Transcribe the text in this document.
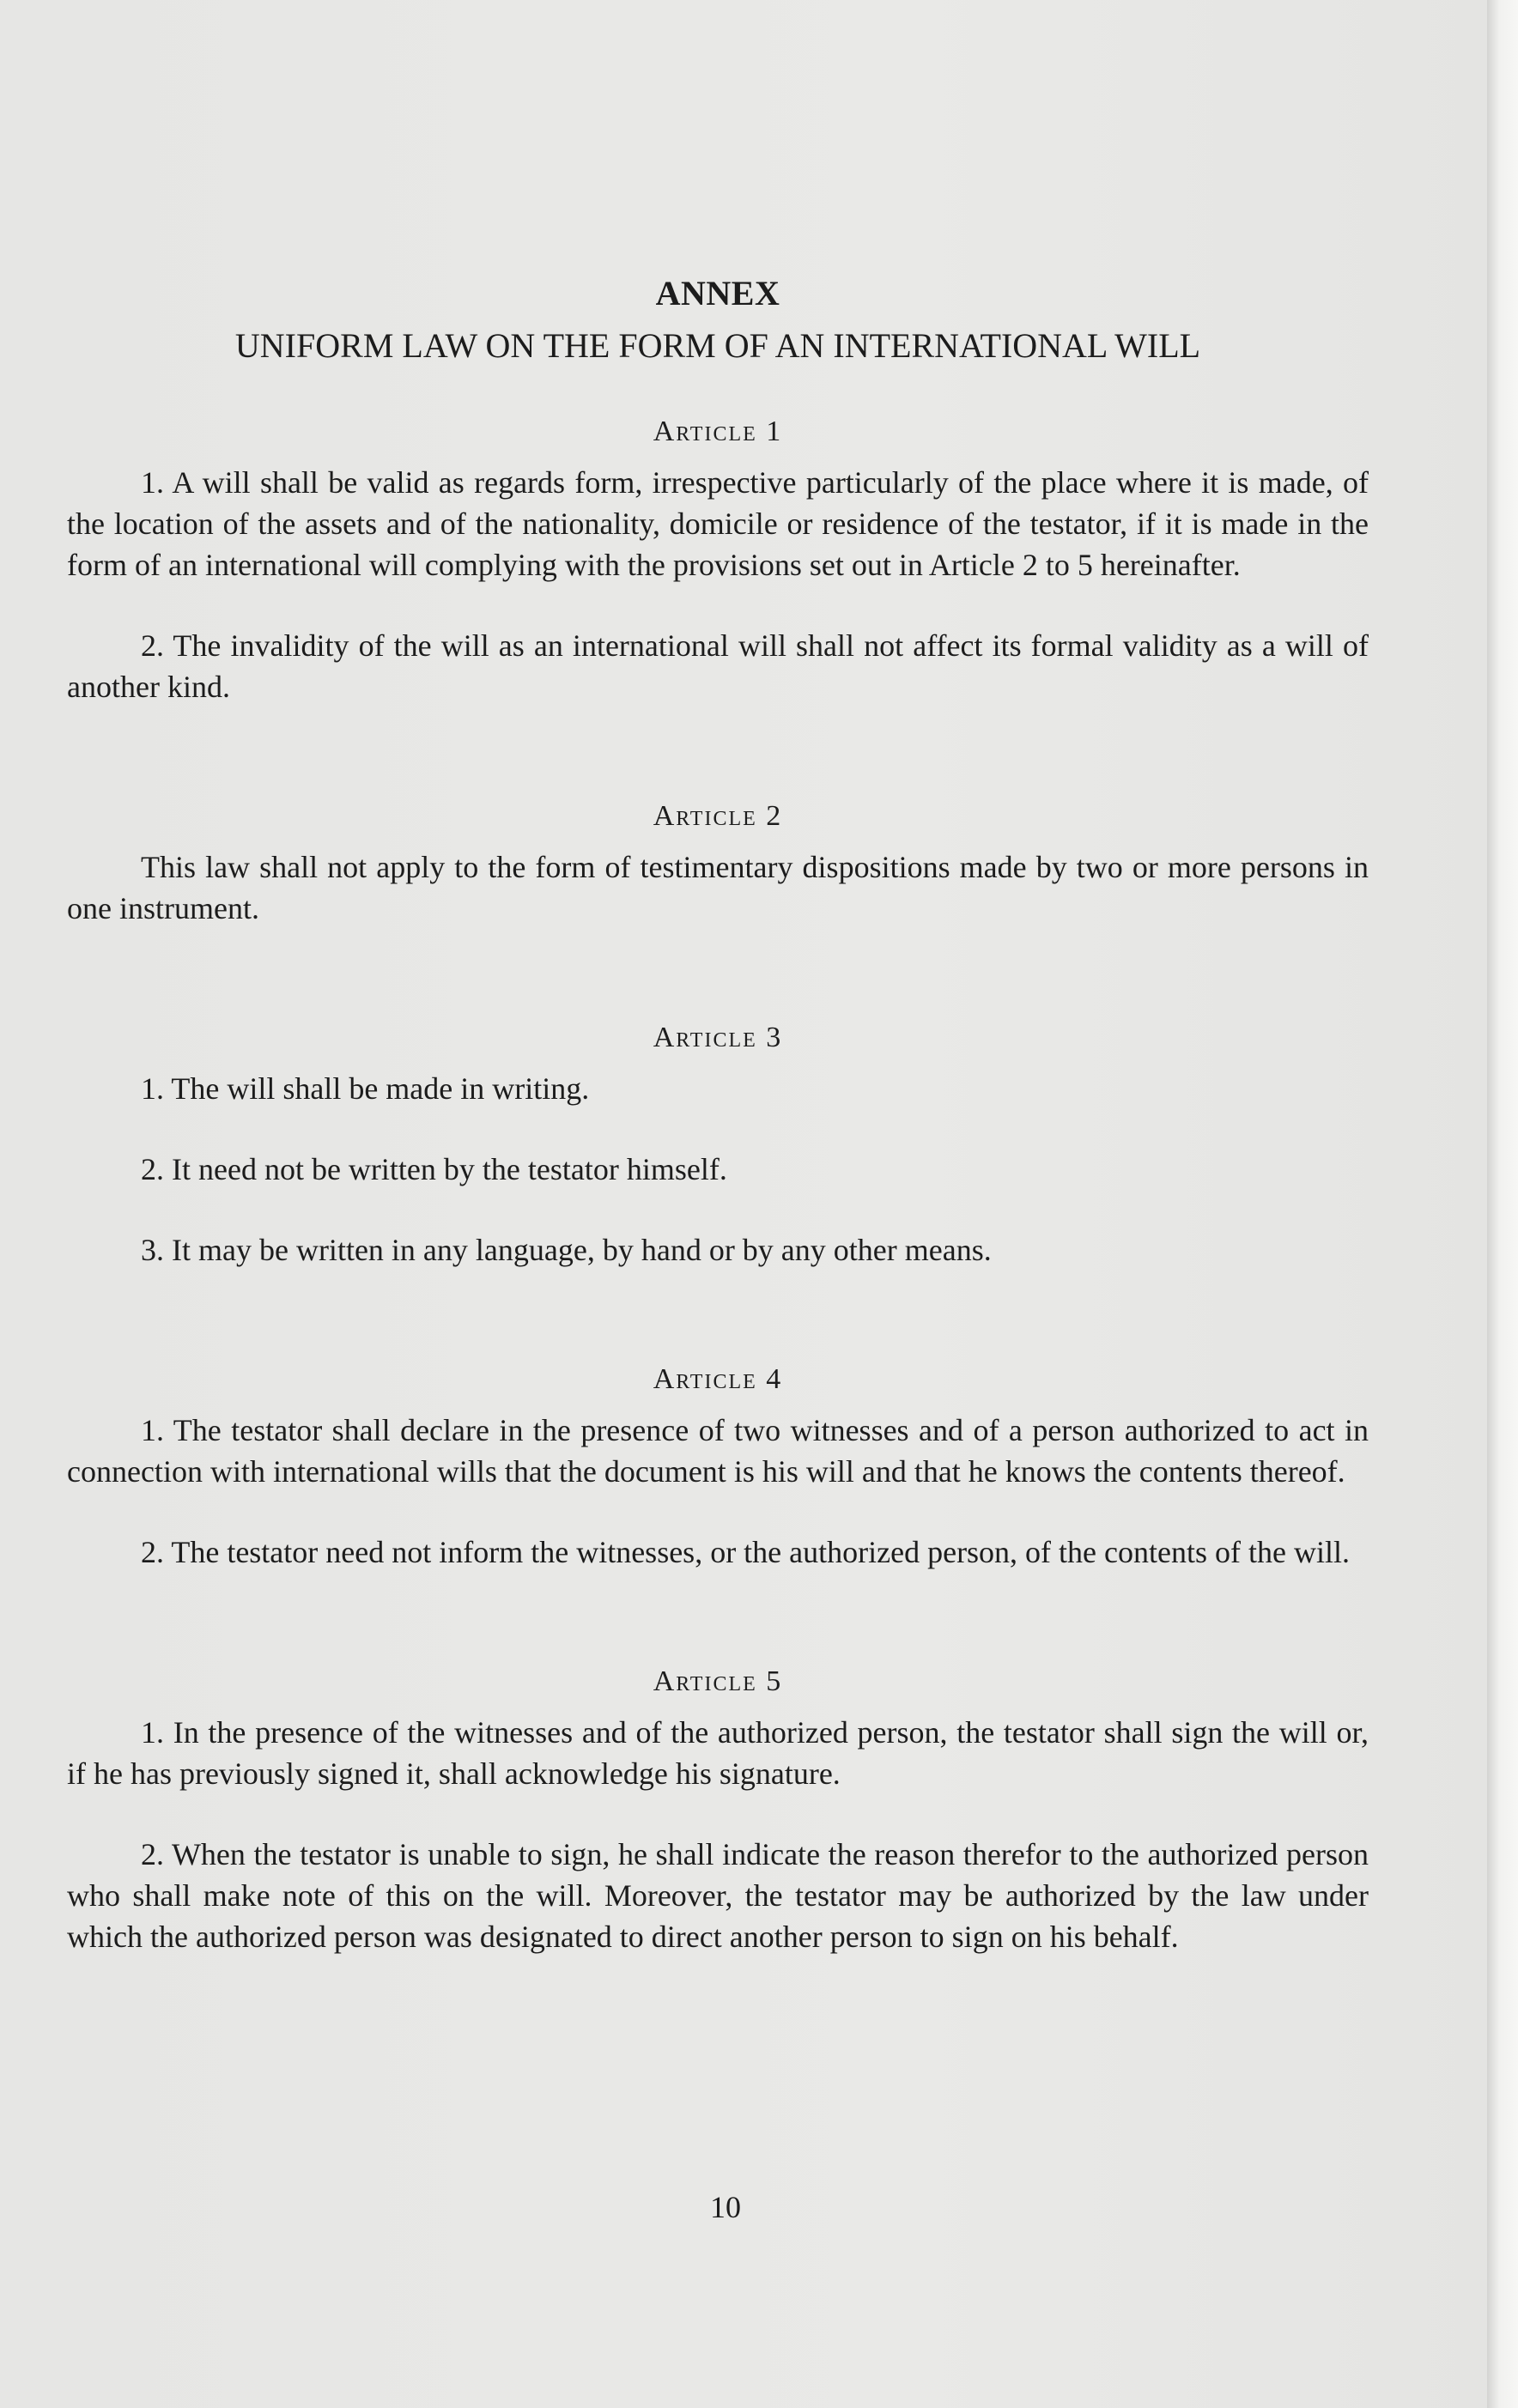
ANNEX
UNIFORM LAW ON THE FORM OF AN INTERNATIONAL WILL
Article 1

1. A will shall be valid as regards form, irrespective particularly of the place where it is made, of the location of the assets and of the nationality, domicile or residence of the testator, if it is made in the form of an international will complying with the provisions set out in Article 2 to 5 hereinafter.

2. The invalidity of the will as an international will shall not affect its formal validity as a will of another kind.

Article 2

This law shall not apply to the form of testimentary dispositions made by two or more persons in one instrument.

Article 3

1. The will shall be made in writing.

2. It need not be written by the testator himself.

3. It may be written in any language, by hand or by any other means.

Article 4

1. The testator shall declare in the presence of two witnesses and of a person authorized to act in connection with international wills that the document is his will and that he knows the contents thereof.

2. The testator need not inform the witnesses, or the authorized person, of the contents of the will.

Article 5

1. In the presence of the witnesses and of the authorized person, the testator shall sign the will or, if he has previously signed it, shall acknowledge his signature.

2. When the testator is unable to sign, he shall indicate the reason therefor to the authorized person who shall make note of this on the will. Moreover, the testator may be authorized by the law under which the authorized person was designated to direct another person to sign on his behalf.

10
